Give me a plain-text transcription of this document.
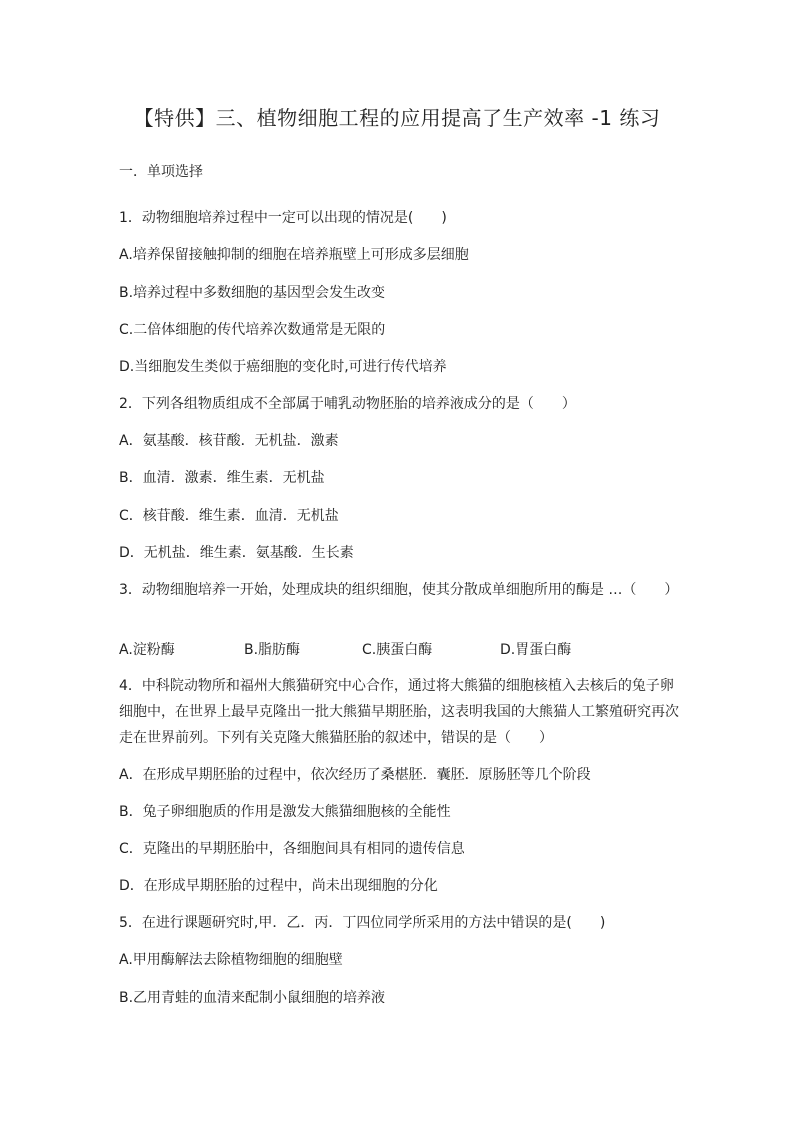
【特供】三、植物细胞工程的应用提高了生产效率 -1 练习
一．单项选择
1．动物细胞培养过程中一定可以出现的情况是(　　)
A.培养保留接触抑制的细胞在培养瓶壁上可形成多层细胞
B.培养过程中多数细胞的基因型会发生改变
C.二倍体细胞的传代培养次数通常是无限的
D.当细胞发生类似于癌细胞的变化时,可进行传代培养
2．下列各组物质组成不全部属于哺乳动物胚胎的培养液成分的是（　　）
A．氨基酸．核苷酸．无机盐．激素
B．血清．激素．维生素．无机盐
C．核苷酸．维生素．血清．无机盐
D．无机盐．维生素．氨基酸．生长素
3．动物细胞培养一开始，处理成块的组织细胞，使其分散成单细胞所用的酶是 …（　　）
A.淀粉酶	B.脂肪酶	C.胰蛋白酶	D.胃蛋白酶
4．中科院动物所和福州大熊猫研究中心合作，通过将大熊猫的细胞核植入去核后的兔子卵细胞中，在世界上最早克隆出一批大熊猫早期胚胎，这表明我国的大熊猫人工繁殖研究再次走在世界前列。下列有关克隆大熊猫胚胎的叙述中，错误的是（　　）
A．在形成早期胚胎的过程中，依次经历了桑椹胚．囊胚．原肠胚等几个阶段
B．兔子卵细胞质的作用是激发大熊猫细胞核的全能性
C．克隆出的早期胚胎中，各细胞间具有相同的遗传信息
D．在形成早期胚胎的过程中，尚未出现细胞的分化
5．在进行课题研究时,甲．乙．丙．丁四位同学所采用的方法中错误的是(　　)
A.甲用酶解法去除植物细胞的细胞壁
B.乙用青蛙的血清来配制小鼠细胞的培养液
